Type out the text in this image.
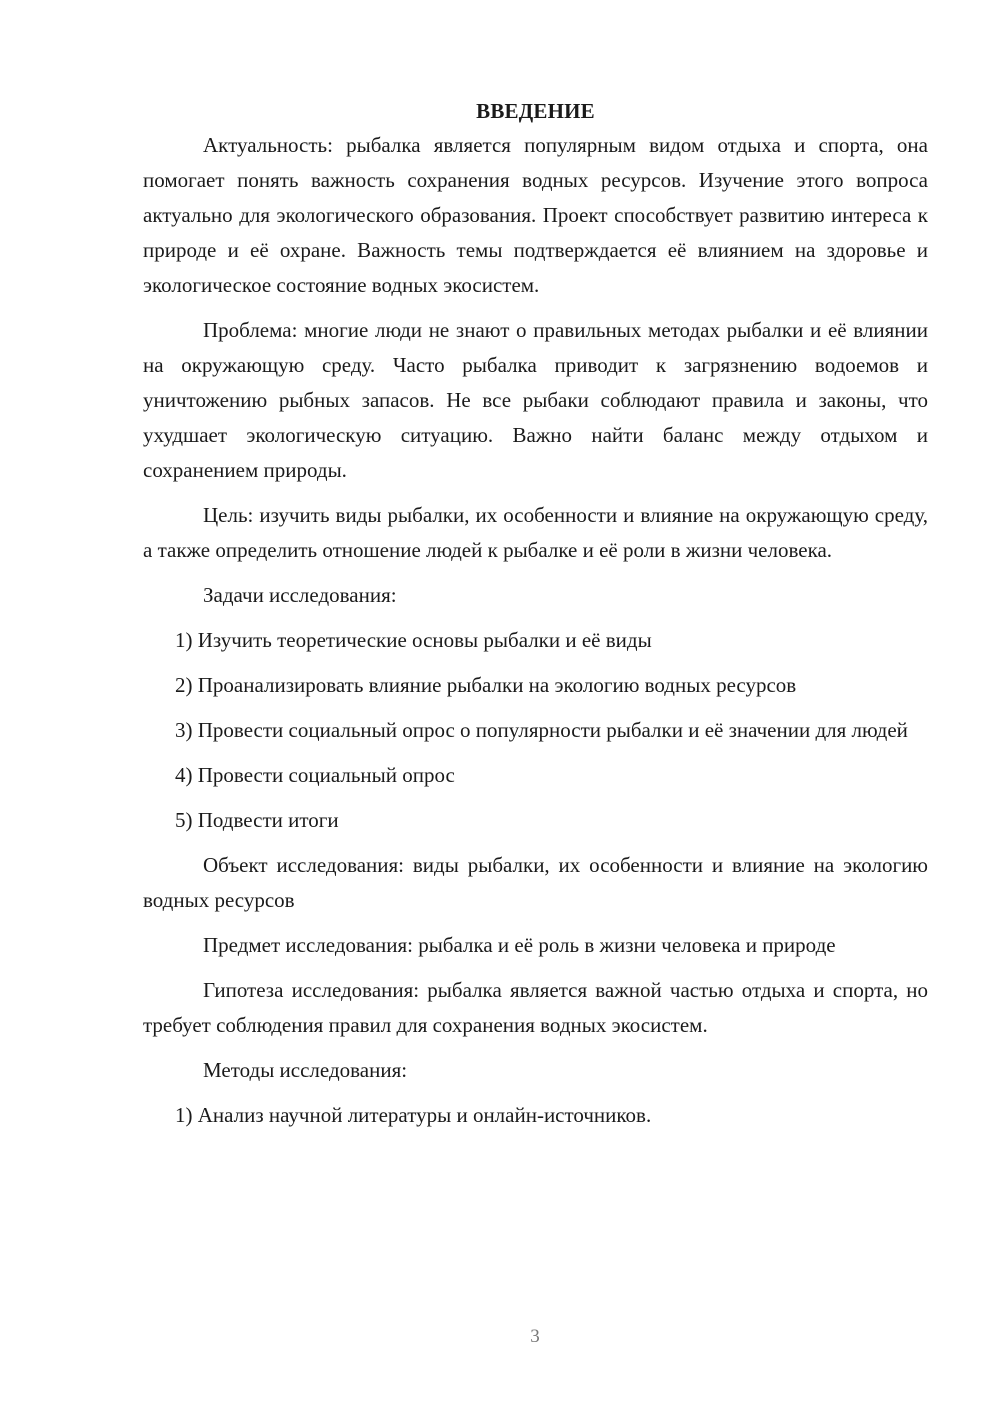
ВВЕДЕНИЕ

Актуальность: рыбалка является популярным видом отдыха и спорта, она помогает понять важность сохранения водных ресурсов. Изучение этого вопроса актуально для экологического образования. Проект способствует развитию интереса к природе и её охране. Важность темы подтверждается её влиянием на здоровье и экологическое состояние водных экосистем.

Проблема: многие люди не знают о правильных методах рыбалки и её влиянии на окружающую среду. Часто рыбалка приводит к загрязнению водоемов и уничтожению рыбных запасов. Не все рыбаки соблюдают правила и законы, что ухудшает экологическую ситуацию. Важно найти баланс между отдыхом и сохранением природы.

Цель: изучить виды рыбалки, их особенности и влияние на окружающую среду, а также определить отношение людей к рыбалке и её роли в жизни человека.

Задачи исследования:

1) Изучить теоретические основы рыбалки и её виды

2) Проанализировать влияние рыбалки на экологию водных ресурсов

3) Провести социальный опрос о популярности рыбалки и её значении для людей

4) Провести социальный опрос

5) Подвести итоги

Объект исследования: виды рыбалки, их особенности и влияние на экологию водных ресурсов

Предмет исследования: рыбалка и её роль в жизни человека и природе

Гипотеза исследования: рыбалка является важной частью отдыха и спорта, но требует соблюдения правил для сохранения водных экосистем.

Методы исследования:

1) Анализ научной литературы и онлайн-источников.

3
